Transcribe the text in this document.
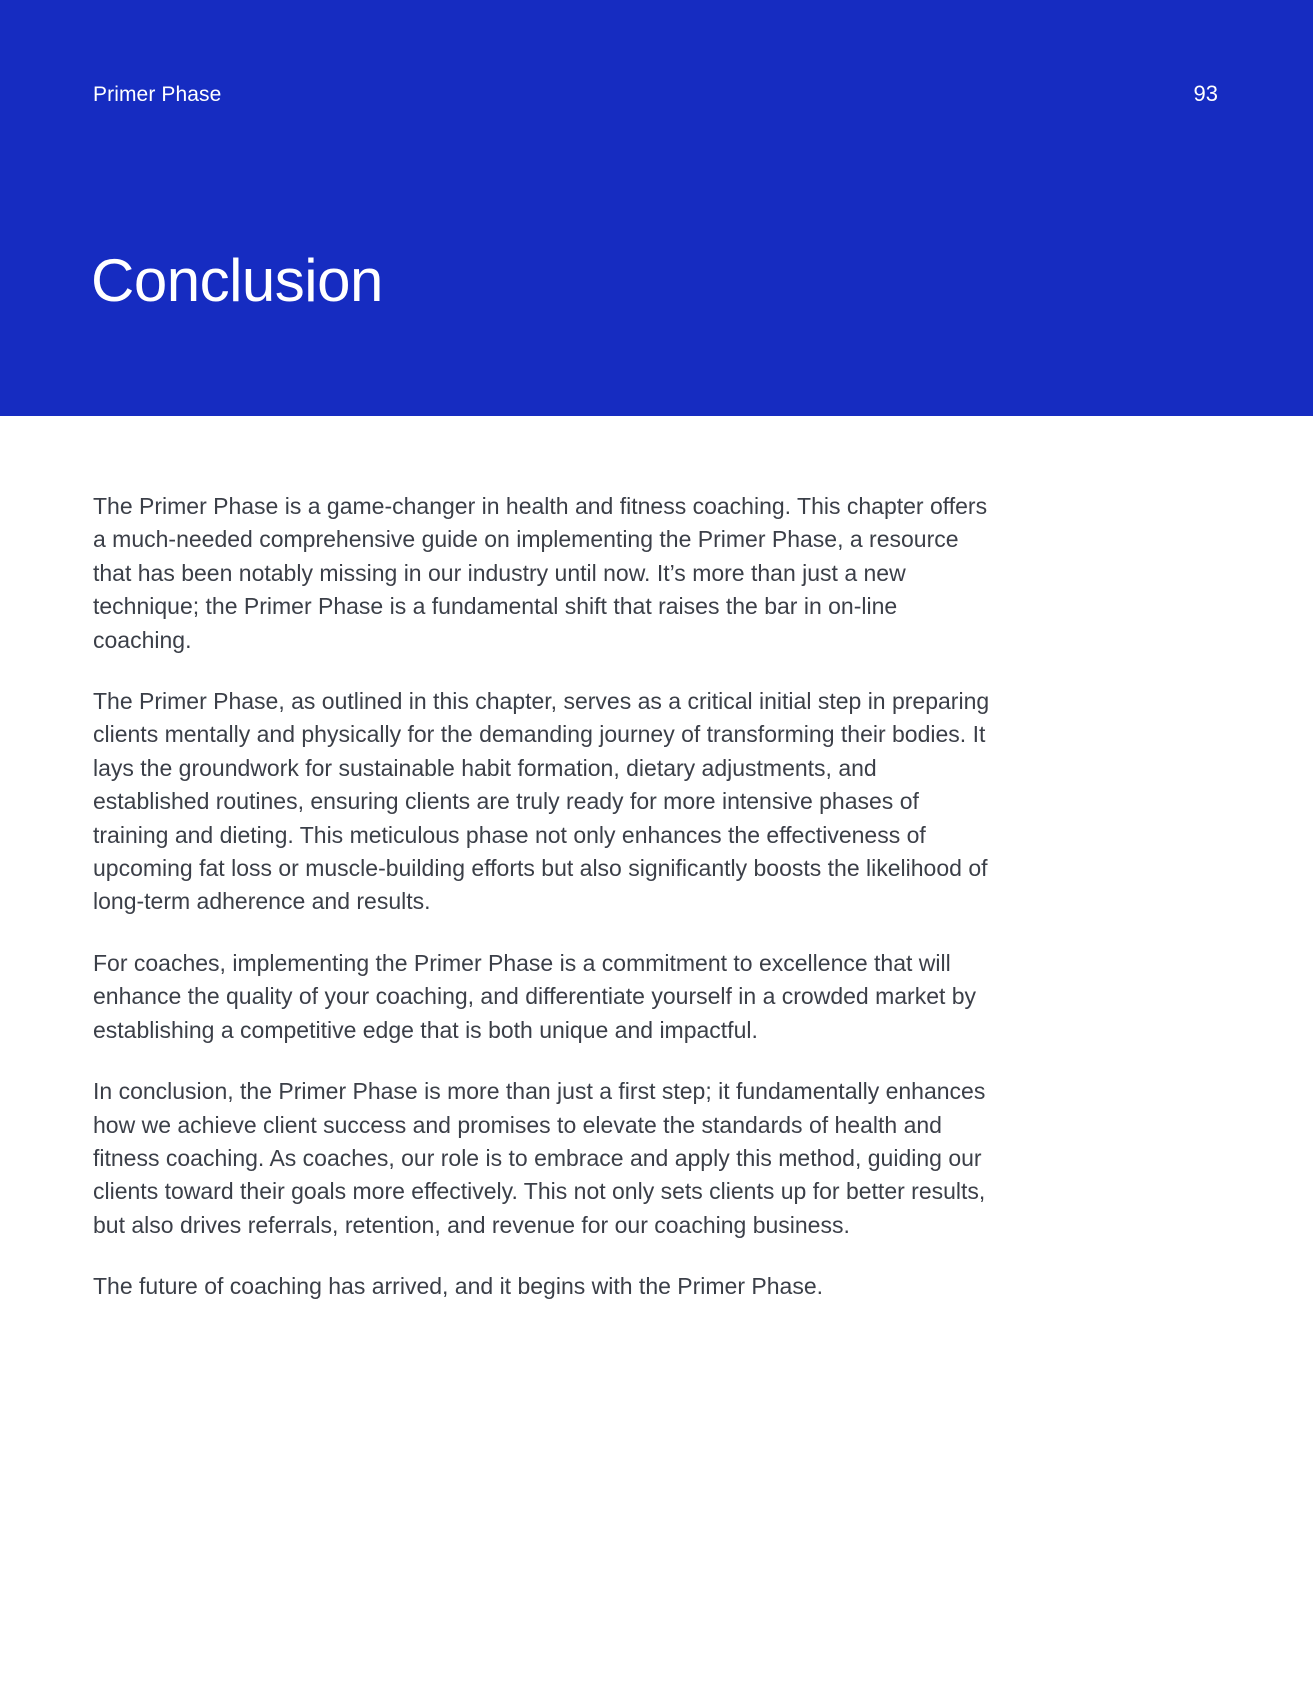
Primer Phase	93
Conclusion

The Primer Phase is a game-changer in health and fitness coaching. This chapter offers a much-needed comprehensive guide on implementing the Primer Phase, a resource that has been notably missing in our industry until now. It’s more than just a new technique; the Primer Phase is a fundamental shift that raises the bar in on-line coaching.

The Primer Phase, as outlined in this chapter, serves as a critical initial step in preparing clients mentally and physically for the demanding journey of transforming their bodies. It lays the groundwork for sustainable habit formation, dietary adjustments, and established routines, ensuring clients are truly ready for more intensive phases of training and dieting. This meticulous phase not only enhances the effectiveness of upcoming fat loss or muscle-building efforts but also significantly boosts the likelihood of long-term adherence and results.

For coaches, implementing the Primer Phase is a commitment to excellence that will enhance the quality of your coaching, and differentiate yourself in a crowded market by establishing a competitive edge that is both unique and impactful.

In conclusion, the Primer Phase is more than just a first step; it fundamentally enhances how we achieve client success and promises to elevate the standards of health and fitness coaching. As coaches, our role is to embrace and apply this method, guiding our clients toward their goals more effectively. This not only sets clients up for better results, but also drives referrals, retention, and revenue for our coaching business.

The future of coaching has arrived, and it begins with the Primer Phase.
